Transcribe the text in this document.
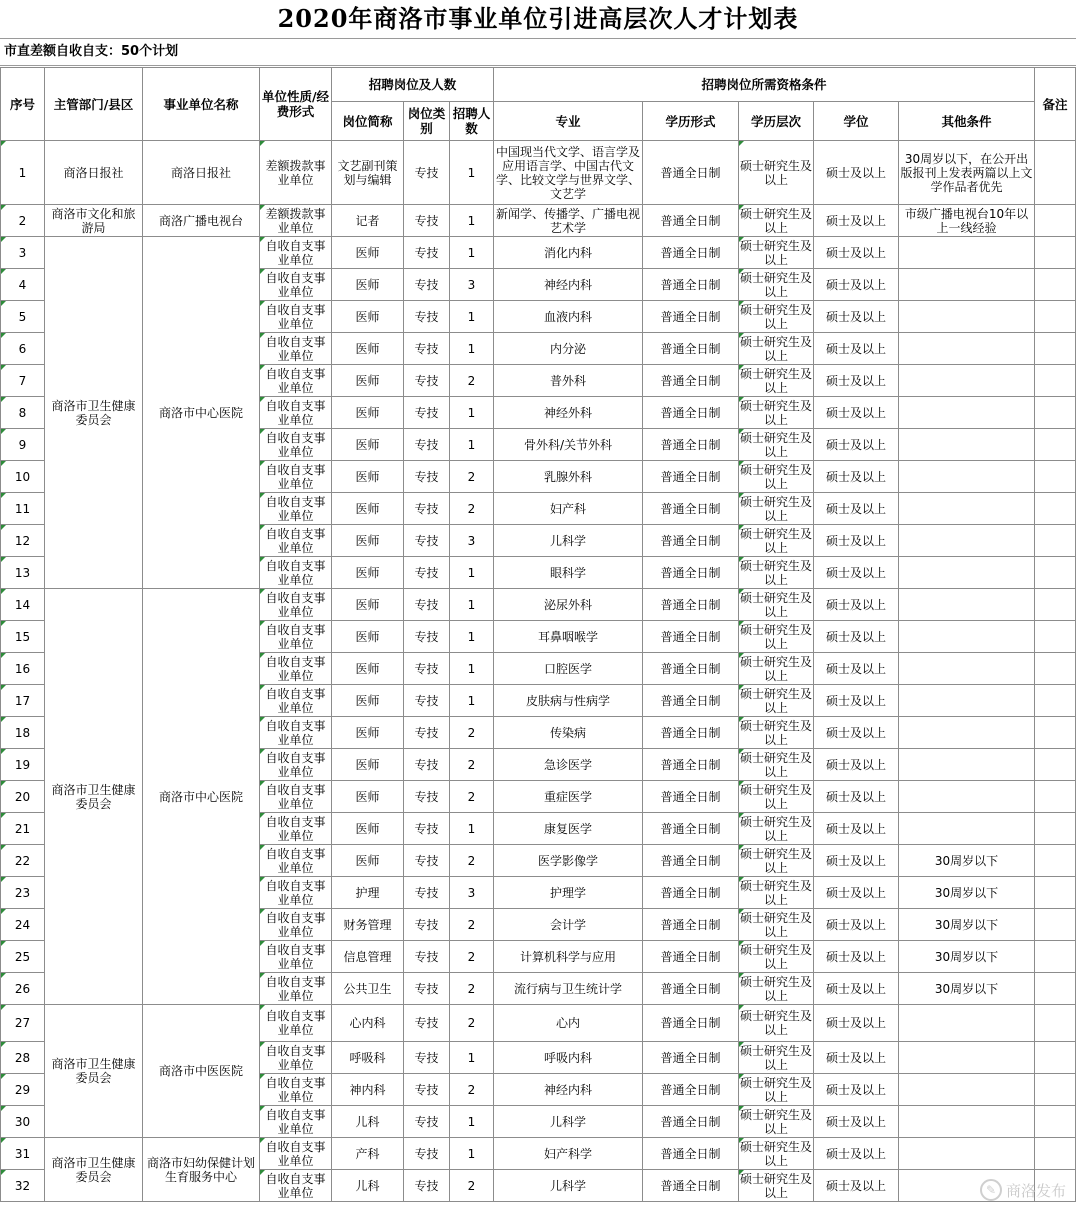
2020年商洛市事业单位引进高层次人才计划表
市直差额自收自支：50个计划
序号	主管部门/县区	事业单位名称	单位性质/经费形式	招聘岗位及人数			招聘岗位所需资格条件					备注
				岗位简称	岗位类别	招聘人数	专业	学历形式	学历层次	学位	其他条件	
1	商洛日报社	商洛日报社	差额拨款事业单位	文艺副刊策划与编辑	专技	1	中国现当代文学、语言学及应用语言学、中国古代文学、比较文学与世界文学、文艺学	普通全日制	硕士研究生及以上	硕士及以上	30周岁以下，在公开出版报刊上发表两篇以上文学作品者优先	
2	商洛市文化和旅游局	商洛广播电视台	差额拨款事业单位	记者	专技	1	新闻学、传播学、广播电视艺术学	普通全日制	硕士研究生及以上	硕士及以上	市级广播电视台10年以上一线经验	
3	商洛市卫生健康委员会	商洛市中心医院	自收自支事业单位	医师	专技	1	消化内科	普通全日制	硕士研究生及以上	硕士及以上		
4			自收自支事业单位	医师	专技	3	神经内科	普通全日制	硕士研究生及以上	硕士及以上		
5			自收自支事业单位	医师	专技	1	血液内科	普通全日制	硕士研究生及以上	硕士及以上		
6			自收自支事业单位	医师	专技	1	内分泌	普通全日制	硕士研究生及以上	硕士及以上		
7			自收自支事业单位	医师	专技	2	普外科	普通全日制	硕士研究生及以上	硕士及以上		
8			自收自支事业单位	医师	专技	1	神经外科	普通全日制	硕士研究生及以上	硕士及以上		
9			自收自支事业单位	医师	专技	1	骨外科/关节外科	普通全日制	硕士研究生及以上	硕士及以上		
10			自收自支事业单位	医师	专技	2	乳腺外科	普通全日制	硕士研究生及以上	硕士及以上		
11			自收自支事业单位	医师	专技	2	妇产科	普通全日制	硕士研究生及以上	硕士及以上		
12			自收自支事业单位	医师	专技	3	儿科学	普通全日制	硕士研究生及以上	硕士及以上		
13			自收自支事业单位	医师	专技	1	眼科学	普通全日制	硕士研究生及以上	硕士及以上		
14	商洛市卫生健康委员会	商洛市中心医院	自收自支事业单位	医师	专技	1	泌尿外科	普通全日制	硕士研究生及以上	硕士及以上		
15			自收自支事业单位	医师	专技	1	耳鼻咽喉学	普通全日制	硕士研究生及以上	硕士及以上		
16			自收自支事业单位	医师	专技	1	口腔医学	普通全日制	硕士研究生及以上	硕士及以上		
17			自收自支事业单位	医师	专技	1	皮肤病与性病学	普通全日制	硕士研究生及以上	硕士及以上		
18			自收自支事业单位	医师	专技	2	传染病	普通全日制	硕士研究生及以上	硕士及以上		
19			自收自支事业单位	医师	专技	2	急诊医学	普通全日制	硕士研究生及以上	硕士及以上		
20			自收自支事业单位	医师	专技	2	重症医学	普通全日制	硕士研究生及以上	硕士及以上		
21			自收自支事业单位	医师	专技	1	康复医学	普通全日制	硕士研究生及以上	硕士及以上		
22			自收自支事业单位	医师	专技	2	医学影像学	普通全日制	硕士研究生及以上	硕士及以上	30周岁以下	
23			自收自支事业单位	护理	专技	3	护理学	普通全日制	硕士研究生及以上	硕士及以上	30周岁以下	
24			自收自支事业单位	财务管理	专技	2	会计学	普通全日制	硕士研究生及以上	硕士及以上	30周岁以下	
25			自收自支事业单位	信息管理	专技	2	计算机科学与应用	普通全日制	硕士研究生及以上	硕士及以上	30周岁以下	
26			自收自支事业单位	公共卫生	专技	2	流行病与卫生统计学	普通全日制	硕士研究生及以上	硕士及以上	30周岁以下	
27	商洛市卫生健康委员会	商洛市中医医院	自收自支事业单位	心内科	专技	2	心内	普通全日制	硕士研究生及以上	硕士及以上		
28			自收自支事业单位	呼吸科	专技	1	呼吸内科	普通全日制	硕士研究生及以上	硕士及以上		
29			自收自支事业单位	神内科	专技	2	神经内科	普通全日制	硕士研究生及以上	硕士及以上		
30			自收自支事业单位	儿科	专技	1	儿科学	普通全日制	硕士研究生及以上	硕士及以上		
31	商洛市卫生健康委员会	商洛市妇幼保健计划生育服务中心	自收自支事业单位	产科	专技	1	妇产科学	普通全日制	硕士研究生及以上	硕士及以上		
32			自收自支事业单位	儿科	专技	2	儿科学	普通全日制	硕士研究生及以上	硕士及以上			✎ 商洛发布
